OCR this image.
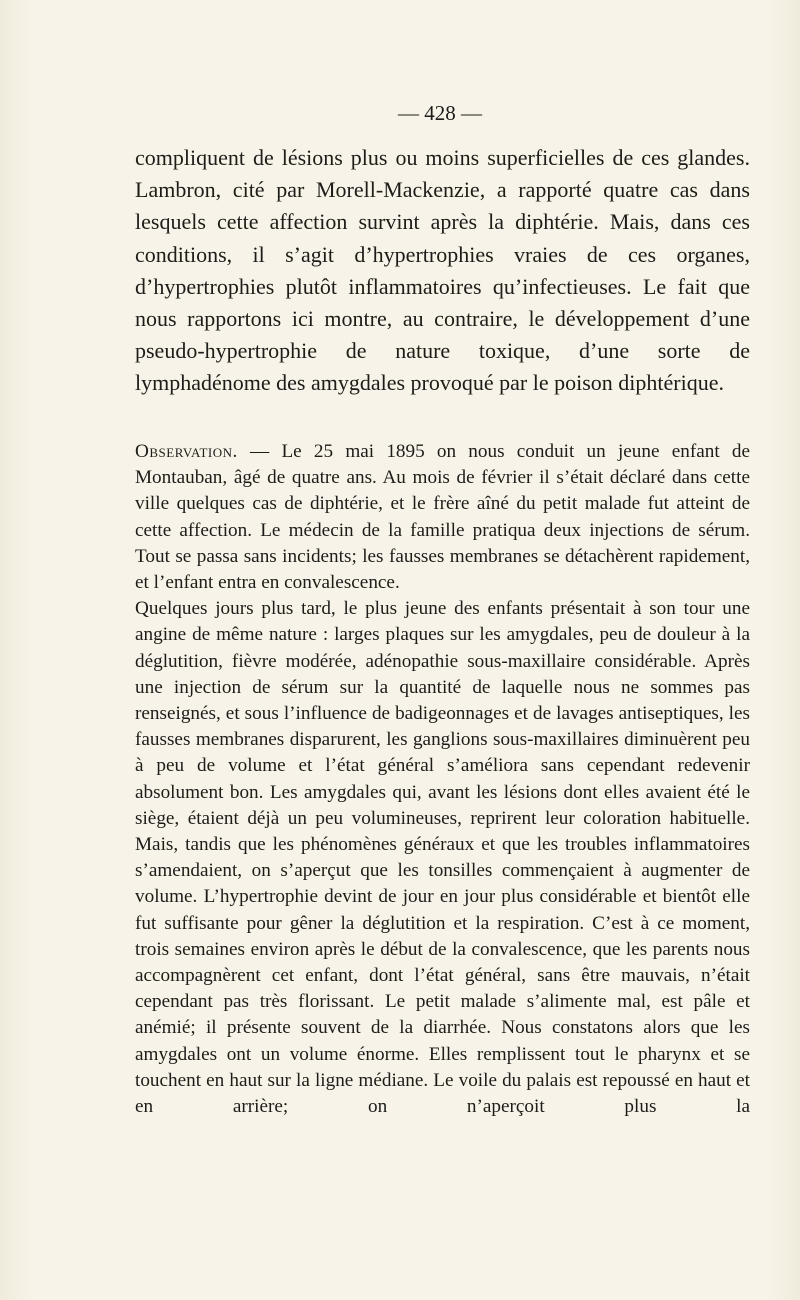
— 428 —

compliquent de lésions plus ou moins superficielles de ces glandes. Lambron, cité par Morell-Mackenzie, a rapporté quatre cas dans lesquels cette affection survint après la diphtérie. Mais, dans ces conditions, il s’agit d’hypertrophies vraies de ces organes, d’hypertrophies plutôt inflammatoires qu’infectieuses. Le fait que nous rapportons ici montre, au contraire, le développement d’une pseudo-hypertrophie de nature toxique, d’une sorte de lymphadénome des amygdales provoqué par le poison diphtérique.

Observation. — Le 25 mai 1895 on nous conduit un jeune enfant de Montauban, âgé de quatre ans. Au mois de février il s’était déclaré dans cette ville quelques cas de diphtérie, et le frère aîné du petit malade fut atteint de cette affection. Le médecin de la famille pratiqua deux injections de sérum. Tout se passa sans incidents; les fausses membranes se détachèrent rapidement, et l’enfant entra en convalescence.

Quelques jours plus tard, le plus jeune des enfants présentait à son tour une angine de même nature : larges plaques sur les amygdales, peu de douleur à la déglutition, fièvre modérée, adénopathie sous-maxillaire considérable. Après une injection de sérum sur la quantité de laquelle nous ne sommes pas renseignés, et sous l’influence de badigeonnages et de lavages antiseptiques, les fausses membranes disparurent, les ganglions sous-maxillaires diminuèrent peu à peu de volume et l’état général s’améliora sans cependant redevenir absolument bon. Les amygdales qui, avant les lésions dont elles avaient été le siège, étaient déjà un peu volumineuses, reprirent leur coloration habituelle. Mais, tandis que les phénomènes généraux et que les troubles inflammatoires s’amendaient, on s’aperçut que les tonsilles commençaient à augmenter de volume. L’hypertrophie devint de jour en jour plus considérable et bientôt elle fut suffisante pour gêner la déglutition et la respiration. C’est à ce moment, trois semaines environ après le début de la convalescence, que les parents nous accompagnèrent cet enfant, dont l’état général, sans être mauvais, n’était cependant pas très florissant. Le petit malade s’alimente mal, est pâle et anémié; il présente souvent de la diarrhée. Nous constatons alors que les amygdales ont un volume énorme. Elles remplissent tout le pharynx et se touchent en haut sur la ligne médiane. Le voile du palais est repoussé en haut et en arrière; on n’aperçoit plus la
